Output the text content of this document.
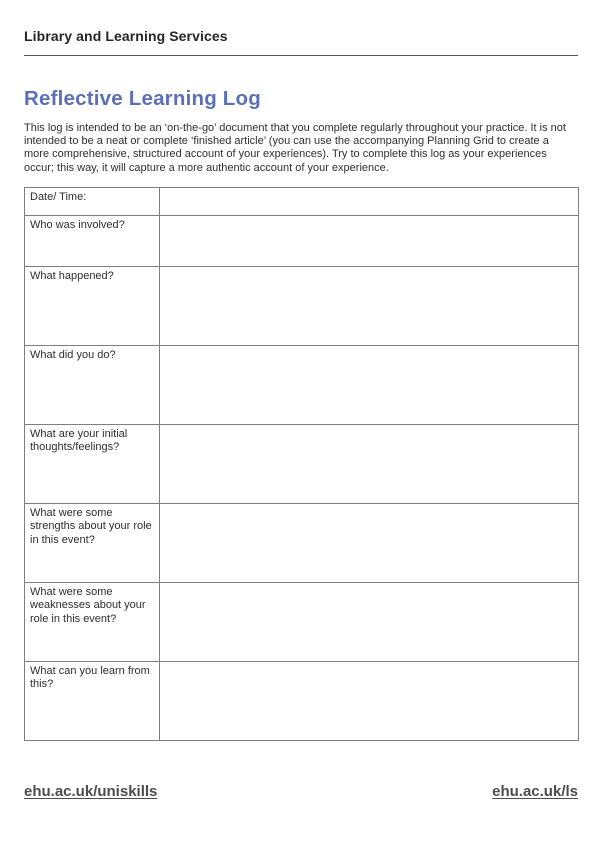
Library and Learning Services
Reflective Learning Log

This log is intended to be an ‘on-the-go’ document that you complete regularly throughout your practice. It is not intended to be a neat or complete ‘finished article’ (you can use the accompanying Planning Grid to create a more comprehensive, structured account of your experiences). Try to complete this log as your experiences occur; this way, it will capture a more authentic account of your experience.

Date/ Time:	
Who was involved?	
What happened?	
What did you do?	
What are your initial thoughts/feelings?	
What were some strengths about your role in this event?	
What were some weaknesses about your role in this event?	
What can you learn from this?	
ehu.ac.uk/uniskills	ehu.ac.uk/ls
